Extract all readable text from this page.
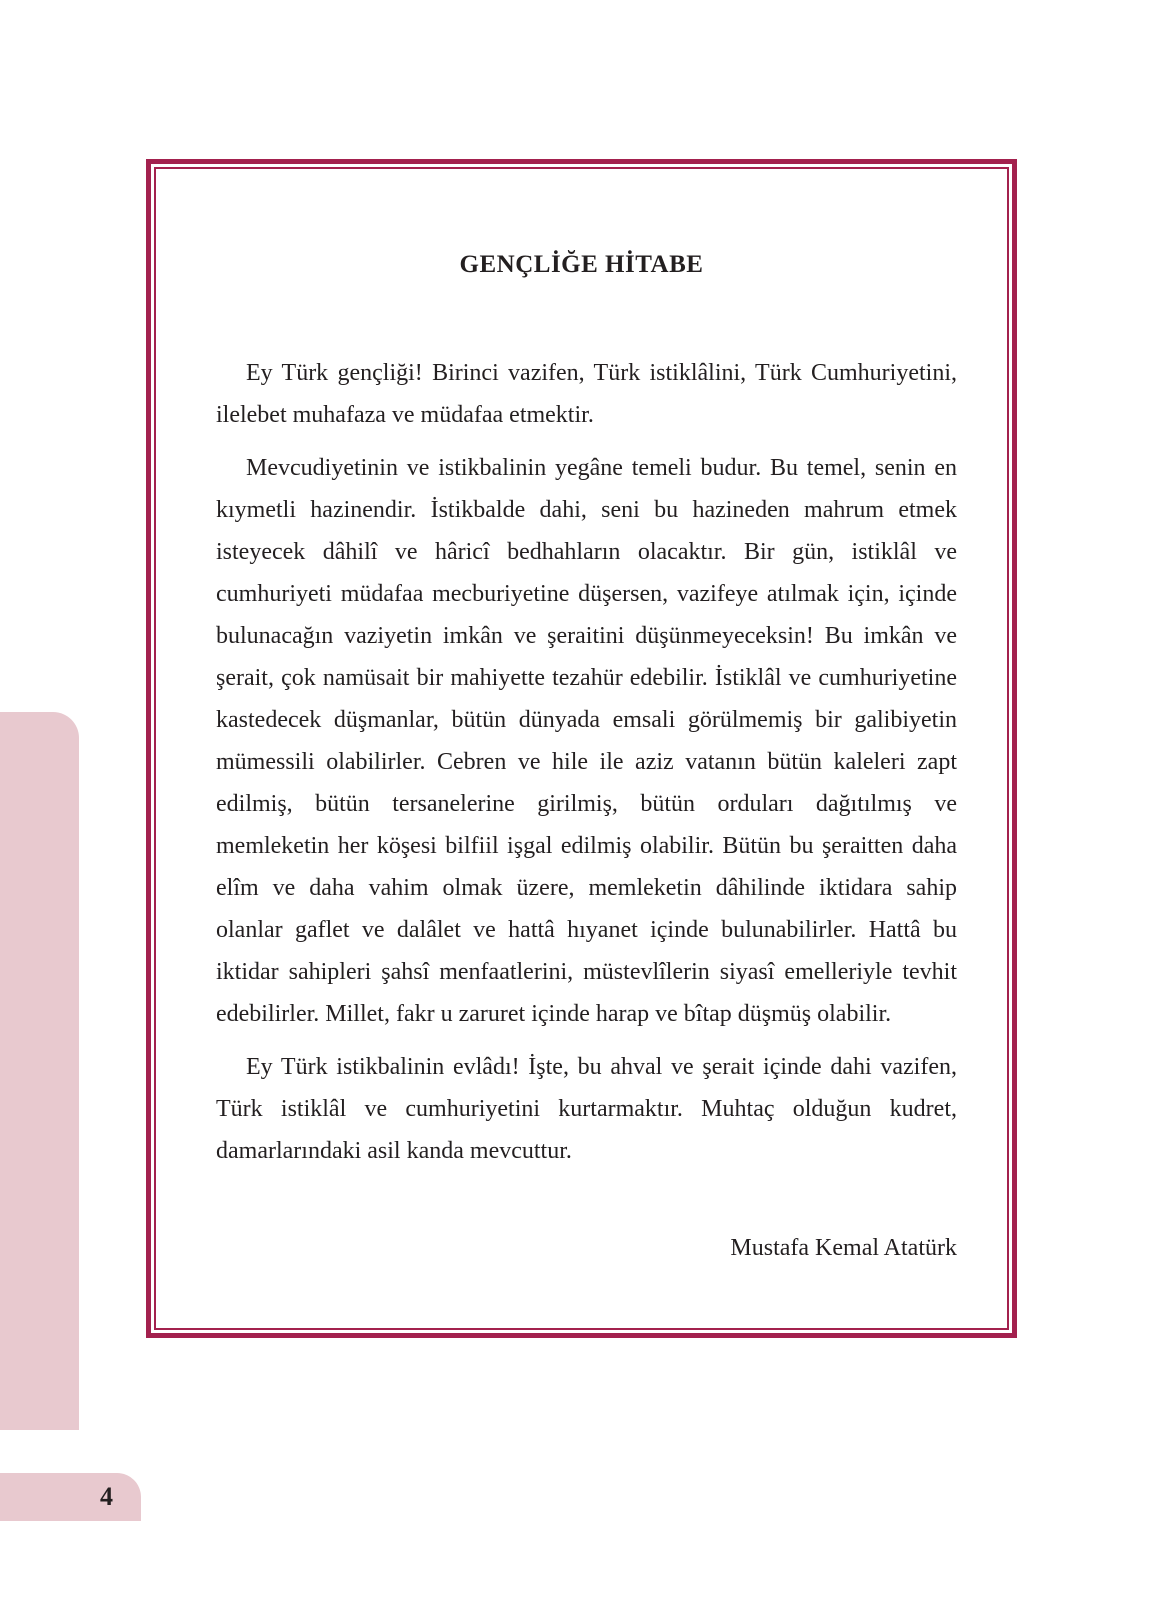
4
GENÇLİĞE HİTABE

Ey Türk gençliği! Birinci vazifen, Türk istiklâlini, Türk Cumhuriyetini, ilelebet muhafaza ve müdafaa etmektir.

Mevcudiyetinin ve istikbalinin yegâne temeli budur. Bu temel, senin en kıymetli hazinendir. İstikbalde dahi, seni bu hazineden mahrum etmek isteyecek dâhilî ve hâricî bedhahların olacaktır. Bir gün, istiklâl ve cumhuriyeti müdafaa mecburiyetine düşersen, vazifeye atılmak için, içinde bulunacağın vaziyetin imkân ve şeraitini düşünmeyeceksin! Bu imkân ve şerait, çok namüsait bir mahiyette tezahür edebilir. İstiklâl ve cumhuriyetine kastedecek düşmanlar, bütün dünyada emsali görülmemiş bir galibiyetin mümessili olabilirler. Cebren ve hile ile aziz vatanın bütün kaleleri zapt edilmiş, bütün tersanelerine girilmiş, bütün orduları dağıtılmış ve memleketin her köşesi bilfiil işgal edilmiş olabilir. Bütün bu şeraitten daha elîm ve daha vahim olmak üzere, memleketin dâhilinde iktidara sahip olanlar gaflet ve dalâlet ve hattâ hıyanet içinde bulunabilirler. Hattâ bu iktidar sahipleri şahsî menfaatlerini, müstevlîlerin siyasî emelleriyle tevhit edebilirler. Millet, fakr u zaruret içinde harap ve bîtap düşmüş olabilir.

Ey Türk istikbalinin evlâdı! İşte, bu ahval ve şerait içinde dahi vazifen, Türk istiklâl ve cumhuriyetini kurtarmaktır. Muhtaç olduğun kudret, damarlarındaki asil kanda mevcuttur.

Mustafa Kemal Atatürk
